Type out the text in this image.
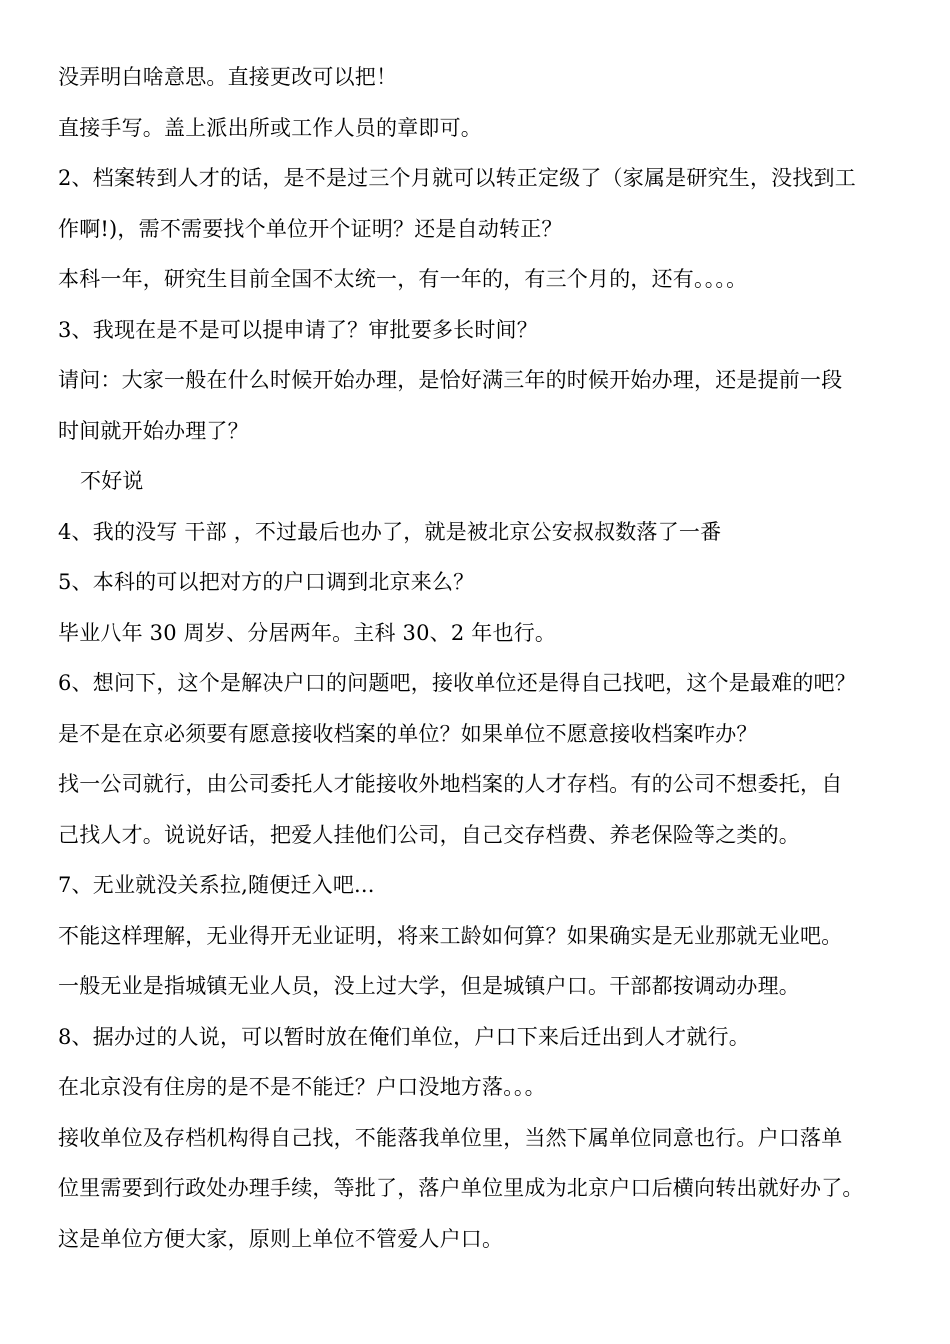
没弄明白啥意思。直接更改可以把！
直接手写。盖上派出所或工作人员的章即可。
2、档案转到人才的话，是不是过三个月就可以转正定级了（家属是研究生，没找到工
作啊!)，需不需要找个单位开个证明？还是自动转正？
本科一年，研究生目前全国不太统一，有一年的，有三个月的，还有。。。。
3、我现在是不是可以提申请了？审批要多长时间？
请问：大家一般在什么时候开始办理，是恰好满三年的时候开始办理，还是提前一段
时间就开始办理了？
不好说
4、我的没写 干部 ，不过最后也办了，就是被北京公安叔叔数落了一番
5、本科的可以把对方的户口调到北京来么？
毕业八年 30 周岁、分居两年。主科 30、2 年也行。
6、想问下，这个是解决户口的问题吧，接收单位还是得自己找吧，这个是最难的吧？
是不是在京必须要有愿意接收档案的单位？如果单位不愿意接收档案咋办？
找一公司就行，由公司委托人才能接收外地档案的人才存档。有的公司不想委托，自
己找人才。说说好话，把爱人挂他们公司，自己交存档费、养老保险等之类的。
7、无业就没关系拉,随便迁入吧...
不能这样理解，无业得开无业证明，将来工龄如何算？如果确实是无业那就无业吧。
一般无业是指城镇无业人员，没上过大学，但是城镇户口。干部都按调动办理。
8、据办过的人说，可以暂时放在俺们单位，户口下来后迁出到人才就行。
在北京没有住房的是不是不能迁？户口没地方落。。。
接收单位及存档机构得自己找，不能落我单位里，当然下属单位同意也行。户口落单
位里需要到行政处办理手续，等批了，落户单位里成为北京户口后横向转出就好办了。
这是单位方便大家，原则上单位不管爱人户口。
